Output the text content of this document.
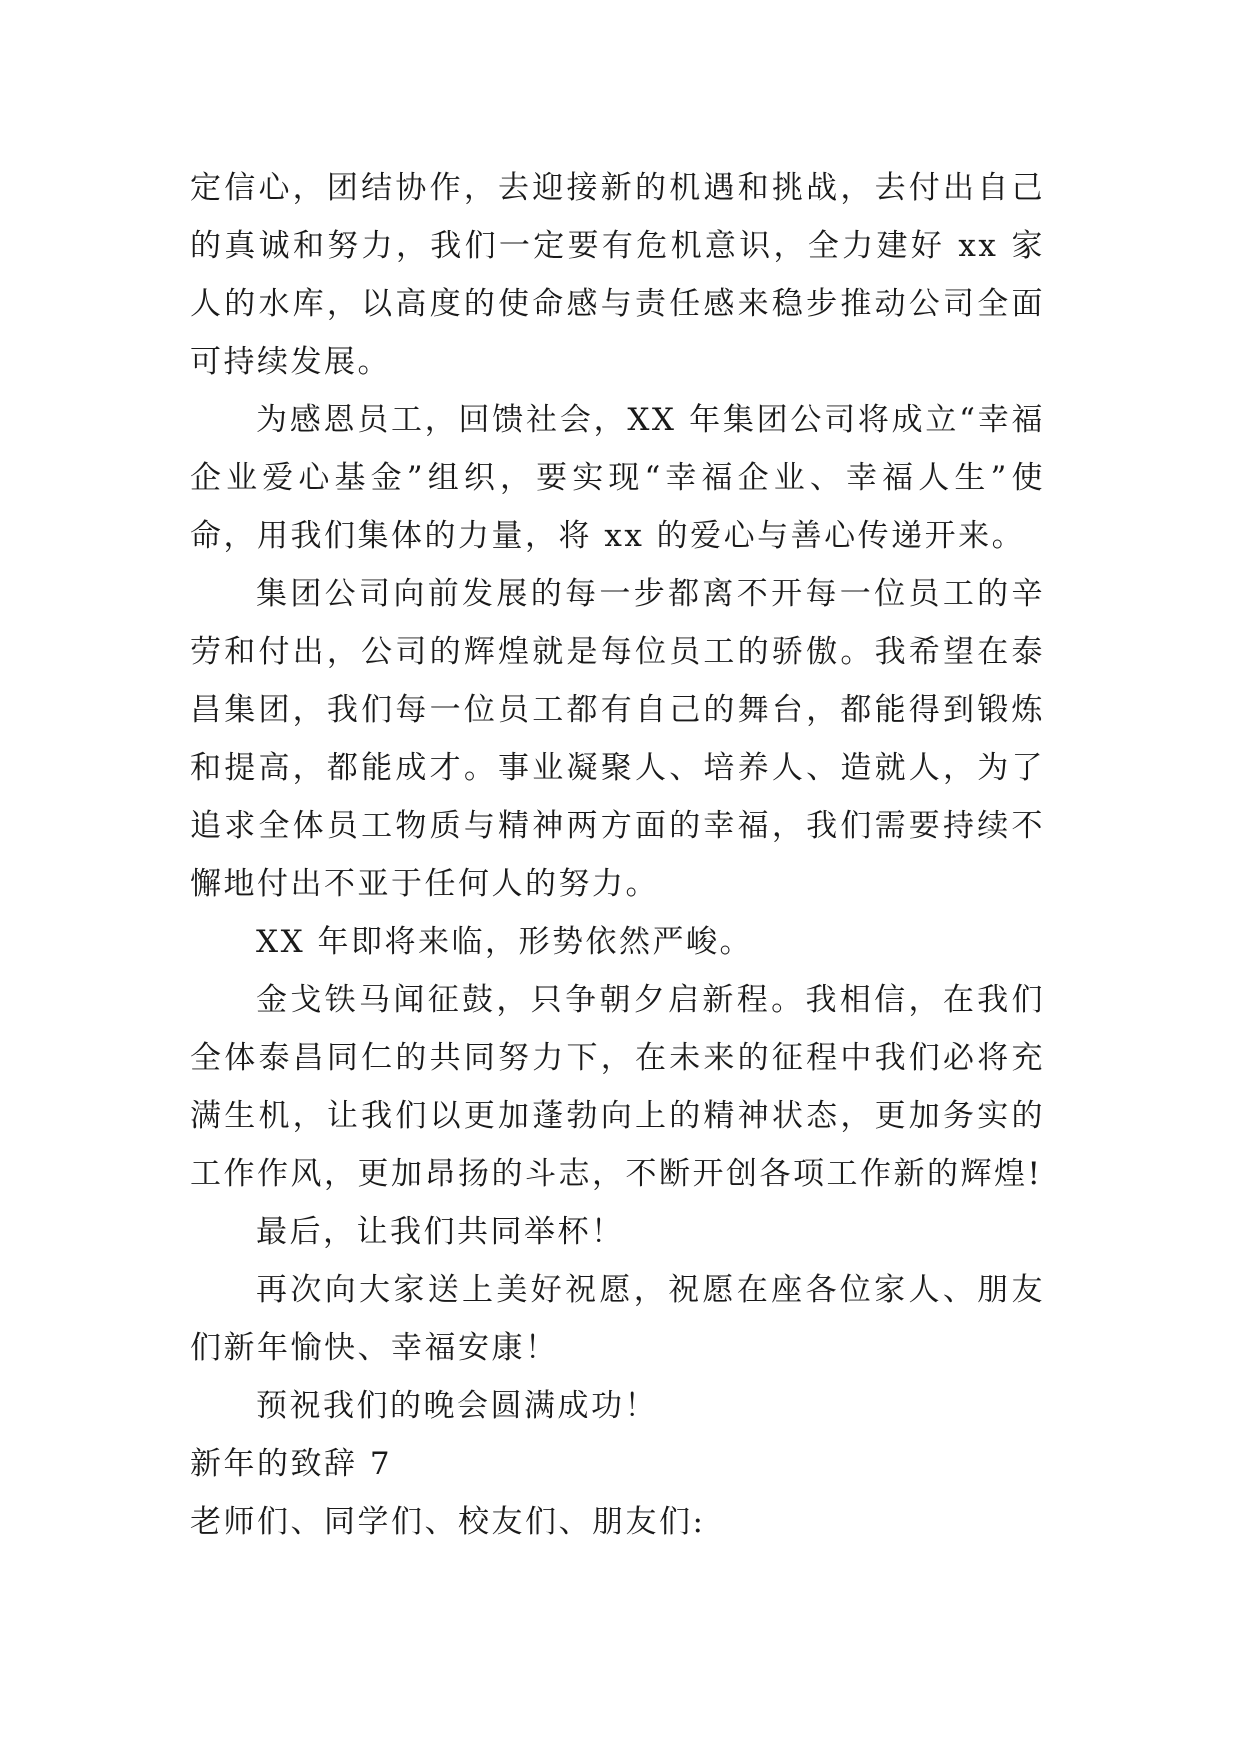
定信心，团结协作，去迎接新的机遇和挑战，去付出自己的真诚和努力，我们一定要有危机意识，全力建好 xx 家人的水库，以高度的使命感与责任感来稳步推动公司全面可持续发展。

为感恩员工，回馈社会，XX 年集团公司将成立“幸福企业爱心基金”组织，要实现“幸福企业、幸福人生”使命，用我们集体的力量，将 xx 的爱心与善心传递开来。

集团公司向前发展的每一步都离不开每一位员工的辛劳和付出，公司的辉煌就是每位员工的骄傲。我希望在泰昌集团，我们每一位员工都有自己的舞台，都能得到锻炼和提高，都能成才。事业凝聚人、培养人、造就人，为了追求全体员工物质与精神两方面的幸福，我们需要持续不懈地付出不亚于任何人的努力。

XX 年即将来临，形势依然严峻。

金戈铁马闻征鼓，只争朝夕启新程。我相信，在我们全体泰昌同仁的共同努力下，在未来的征程中我们必将充满生机，让我们以更加蓬勃向上的精神状态，更加务实的工作作风，更加昂扬的斗志，不断开创各项工作新的辉煌!

最后，让我们共同举杯！

再次向大家送上美好祝愿，祝愿在座各位家人、朋友们新年愉快、幸福安康！

预祝我们的晚会圆满成功！

新年的致辞 7

老师们、同学们、校友们、朋友们:
